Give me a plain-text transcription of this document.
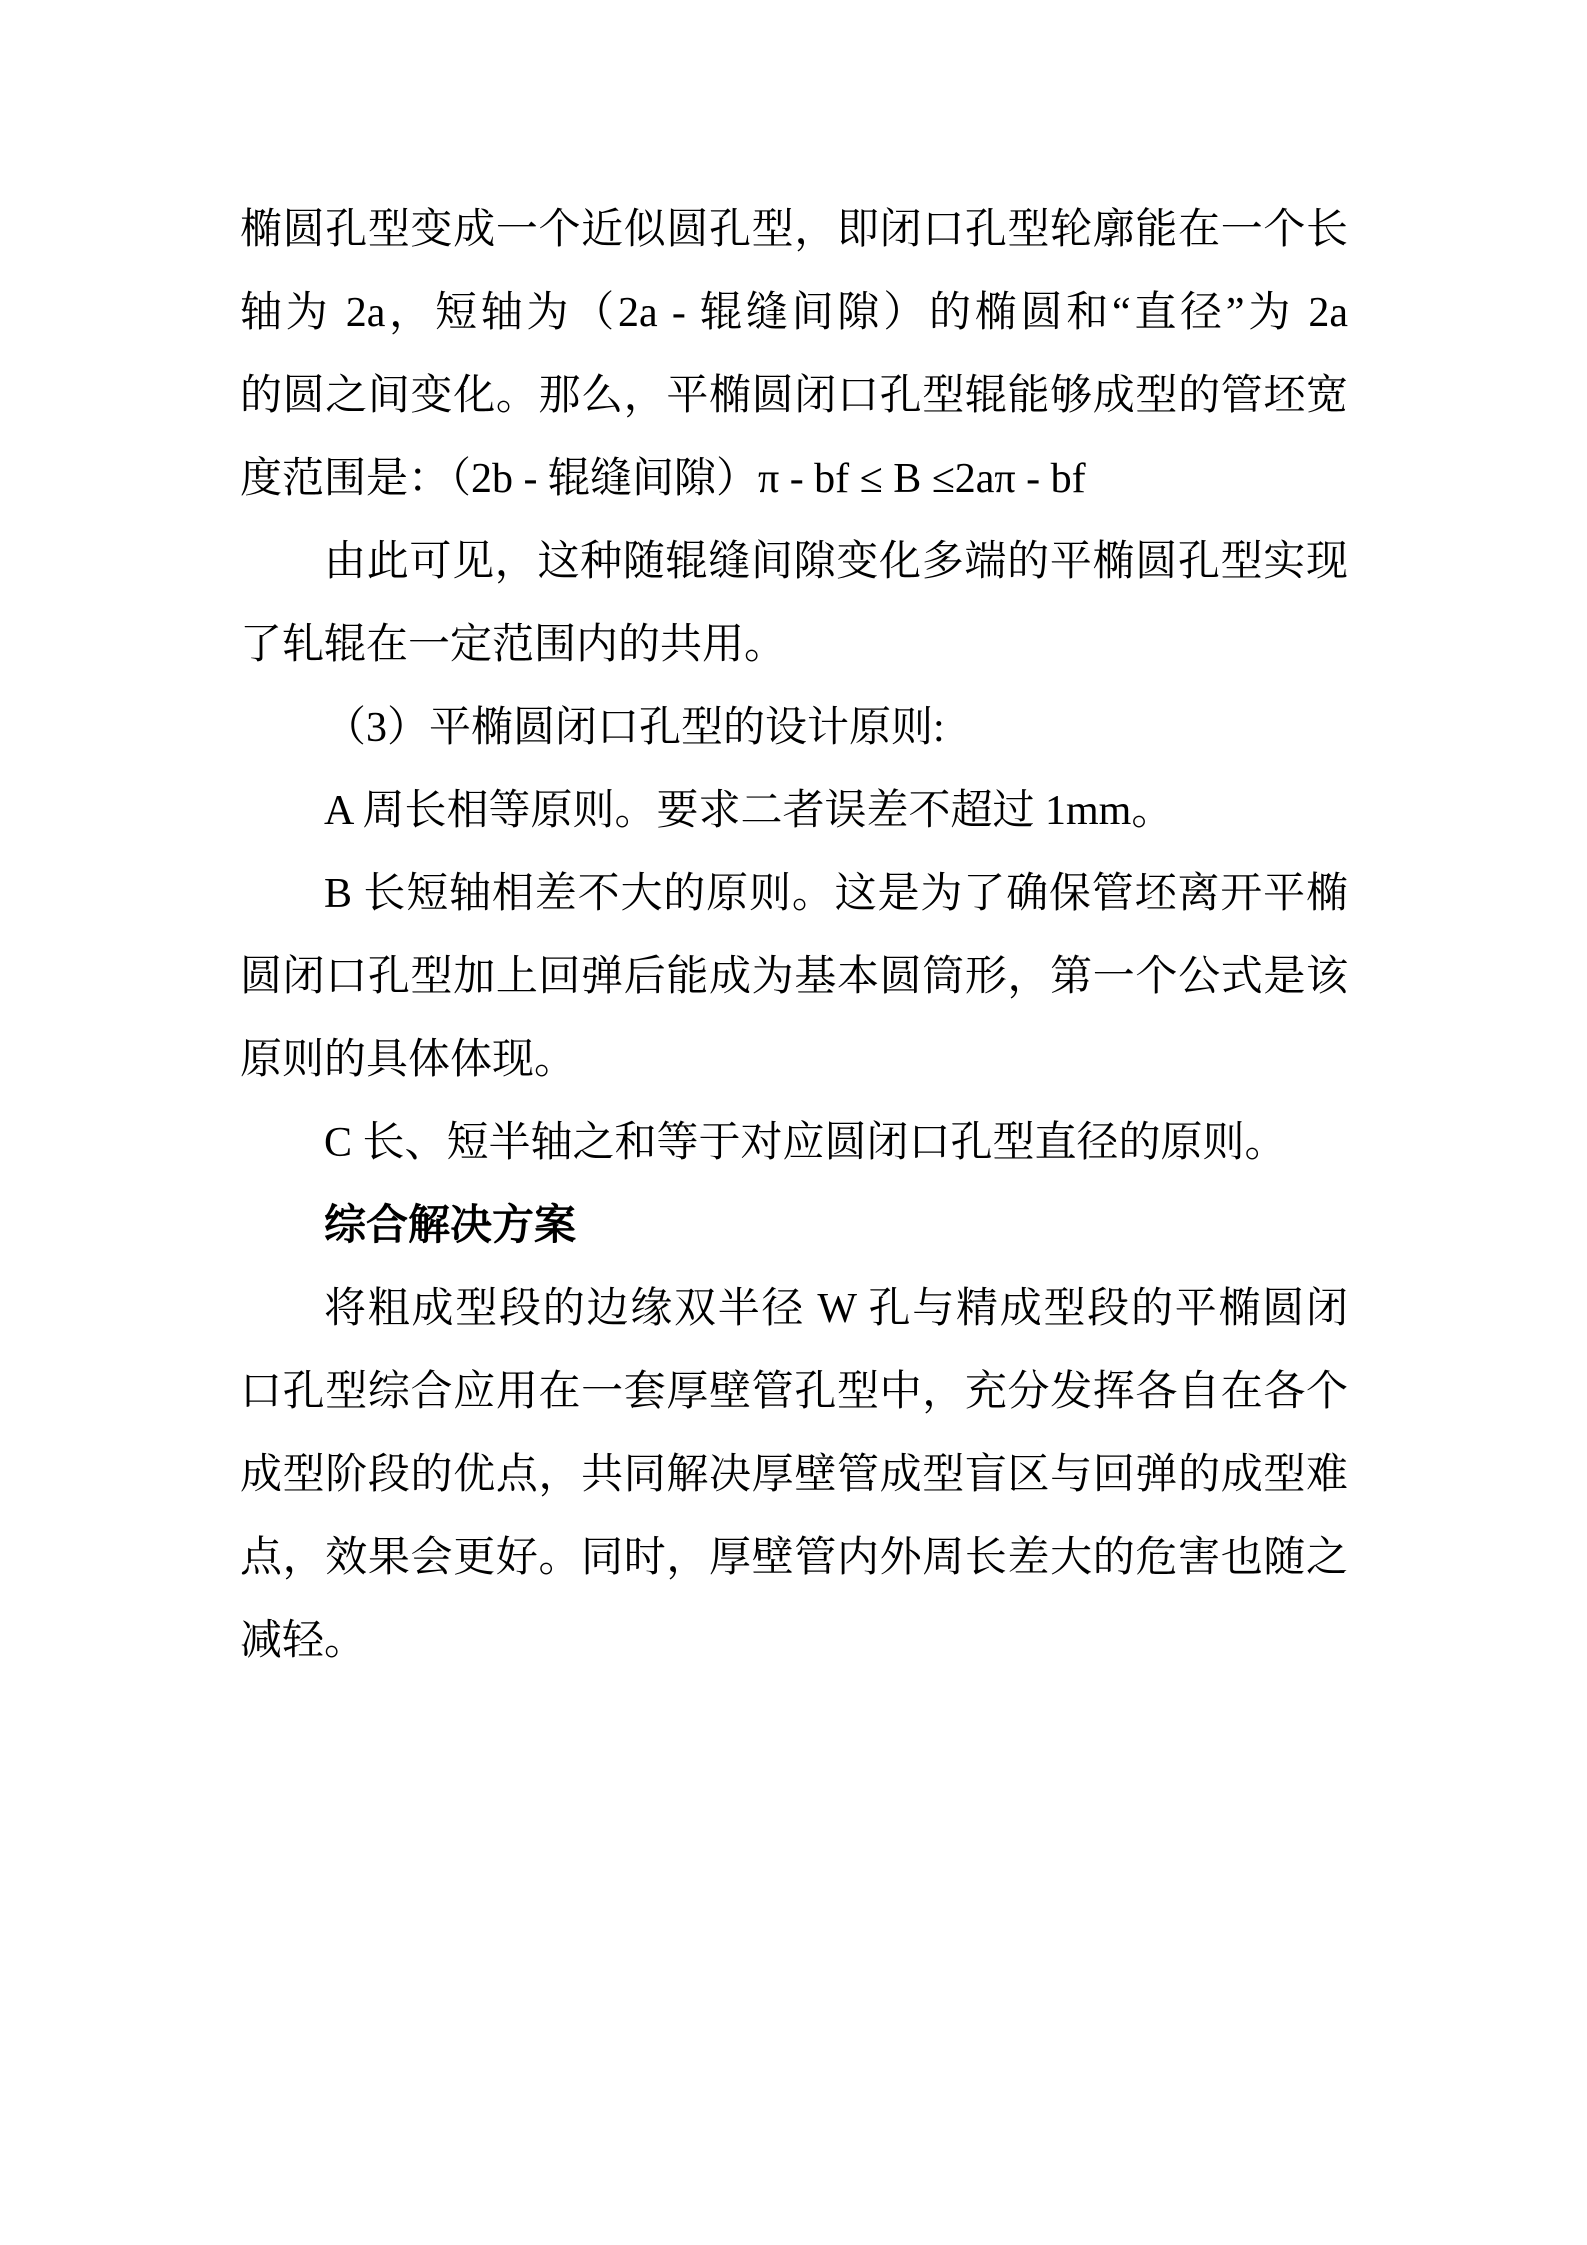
椭圆孔型变成一个近似圆孔型，即闭口孔型轮廓能在一个长
轴为 2a，短轴为（2a - 辊缝间隙）的椭圆和“直径”为 2a
的圆之间变化。那么，平椭圆闭口孔型辊能够成型的管坯宽
度范围是：（2b - 辊缝间隙）π - bf ≤ B ≤2aπ - bf
由此可见，这种随辊缝间隙变化多端的平椭圆孔型实现
了轧辊在一定范围内的共用。
（3）平椭圆闭口孔型的设计原则:
A 周长相等原则。要求二者误差不超过 1mm。
B 长短轴相差不大的原则。这是为了确保管坯离开平椭
圆闭口孔型加上回弹后能成为基本圆筒形，第一个公式是该
原则的具体体现。
C 长、短半轴之和等于对应圆闭口孔型直径的原则。
综合解决方案
将粗成型段的边缘双半径 W 孔与精成型段的平椭圆闭
口孔型综合应用在一套厚壁管孔型中，充分发挥各自在各个
成型阶段的优点，共同解决厚壁管成型盲区与回弹的成型难
点，效果会更好。同时，厚壁管内外周长差大的危害也随之
减轻。
